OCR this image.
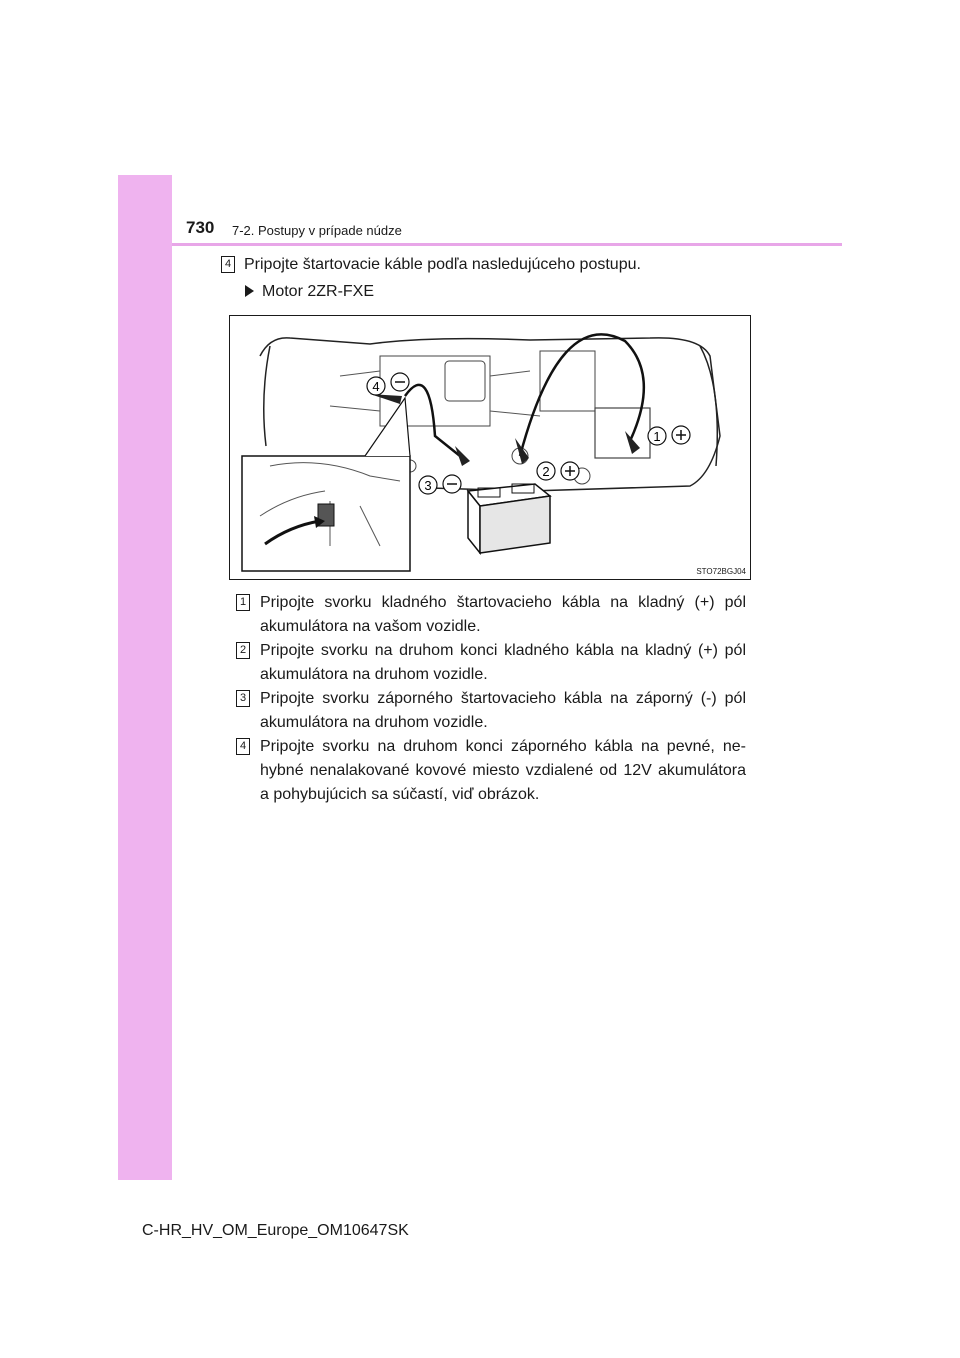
730 7-2. Postupy v prípade núdze
4 Pripojte štartovacie káble podľa nasledujúceho postupu.
Motor 2ZR-FXE
4
1
2
3
STO72BGJ04
1 Pripojte svorku kladného štartovacieho kábla na kladný (+) pól akumulátora na vašom vozidle.
2 Pripojte svorku na druhom konci kladného kábla na kladný (+) pól akumulátora na druhom vozidle.
3 Pripojte svorku záporného štartovacieho kábla na záporný (-) pól akumulátora na druhom vozidle.
4 Pripojte svorku na druhom konci záporného kábla na pevné, nehybné nenalakované kovové miesto vzdialené od 12V akumulátora a pohybujúcich sa súčastí, viď obrázok.
C-HR_HV_OM_Europe_OM10647SK
